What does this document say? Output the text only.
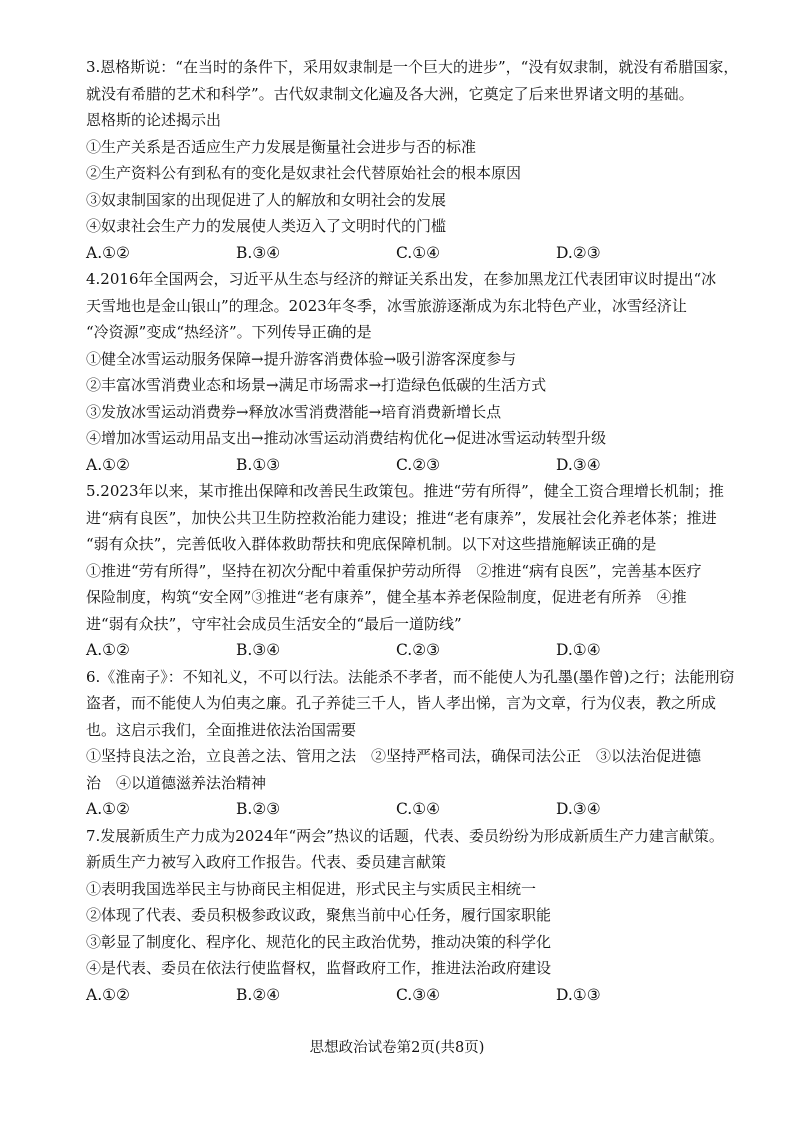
3.恩格斯说：“在当时的条件下，采用奴隶制是一个巨大的进步”，“没有奴隶制，就没有希腊国家，

就没有希腊的艺术和科学”。古代奴隶制文化遍及各大洲，它奠定了后来世界诸文明的基础。

恩格斯的论述揭示出

①生产关系是否适应生产力发展是衡量社会进步与否的标准

②生产资料公有到私有的变化是奴隶社会代替原始社会的根本原因

③奴隶制国家的出现促进了人的解放和女明社会的发展

④奴隶社会生产力的发展使人类迈入了文明时代的门槛

A.①②	B.③④	C.①④	D.②③

4.2016年全国两会，习近平从生态与经济的辩证关系出发，在参加黑龙江代表团审议时提出“冰

天雪地也是金山银山”的理念。2023年冬季，冰雪旅游逐渐成为东北特色产业，冰雪经济让

“冷资源”变成“热经济”。下列传导正确的是

①健全冰雪运动服务保障→提升游客消费体验→吸引游客深度参与

②丰富冰雪消费业态和场景→满足市场需求→打造绿色低碳的生活方式

③发放冰雪运动消费券→释放冰雪消费潜能→培育消费新增长点

④增加冰雪运动用品支出→推动冰雪运动消费结构优化→促进冰雪运动转型升级

A.①②	B.①③	C.②③	D.③④

5.2023年以来，某市推出保障和改善民生政策包。推进“劳有所得”，健全工资合理增长机制；推

进“病有良医”，加快公共卫生防控救治能力建设；推进“老有康养”，发展社会化养老体茶；推进

“弱有众扶”，完善低收入群体救助帮扶和兜底保障机制。以下对这些措施解读正确的是

①推进“劳有所得”，坚持在初次分配中着重保护劳动所得　②推进“病有良医”，完善基本医疗

保险制度，构筑“安全网”③推进“老有康养”，健全基本养老保险制度，促进老有所养　④推

进“弱有众扶”，守牢社会成员生活安全的“最后一道防线”

A.①②	B.③④	C.②③	D.①④

6.《淮南子》：不知礼义，不可以行法。法能杀不孝者，而不能使人为孔墨(墨作曾)之行；法能刑窃

盗者，而不能使人为伯夷之廉。孔子养徒三千人，皆人孝出悌，言为文章，行为仪表，教之所成

也。这启示我们，全面推进依法治国需要

①坚持良法之治，立良善之法、管用之法　②坚持严格司法，确保司法公正　③以法治促进德

治　④以道德滋养法治精神

A.①②	B.②③	C.①④	D.③④

7.发展新质生产力成为2024年“两会”热议的话题，代表、委员纷纷为形成新质生产力建言献策。

新质生产力被写入政府工作报告。代表、委员建言献策

①表明我国选举民主与协商民主相促进，形式民主与实质民主相统一

②体现了代表、委员积极参政议政，聚焦当前中心任务，履行国家职能

③彰显了制度化、程序化、规范化的民主政治优势，推动决策的科学化

④是代表、委员在依法行使监督权，监督政府工作，推进法治政府建设

A.①②	B.②④	C.③④	D.①③
思想政治试卷第2页(共8页)
